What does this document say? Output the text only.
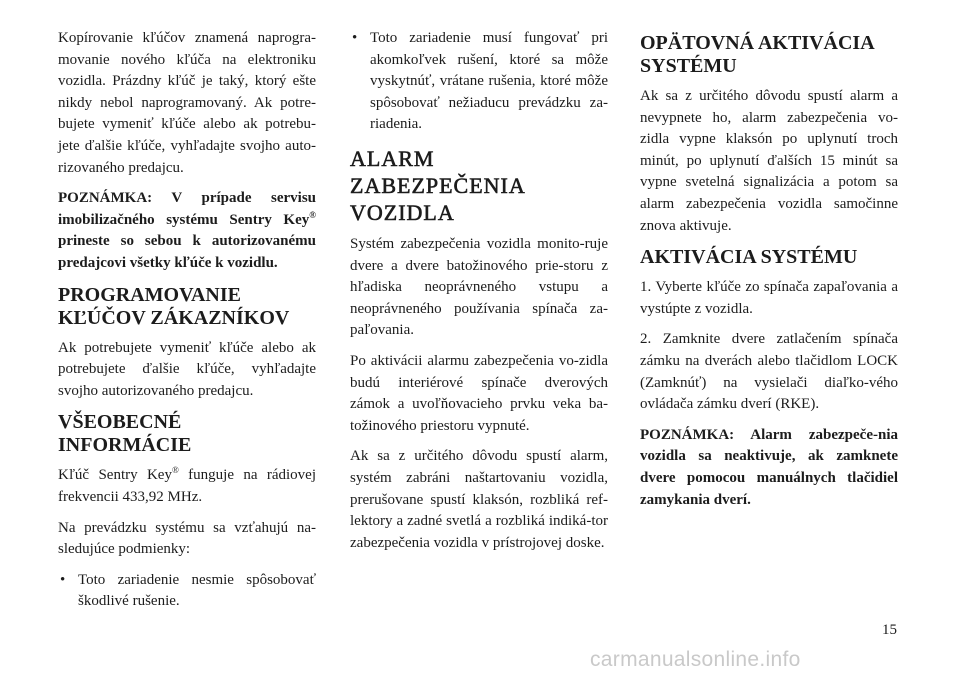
Kopírovanie kľúčov znamená naprogra-movanie nového kľúča na elektroniku vozidla. Prázdny kľúč je taký, ktorý ešte nikdy nebol naprogramovaný. Ak potre-bujete vymeniť kľúče alebo ak potrebu-jete ďalšie kľúče, vyhľadajte svojho auto-rizovaného predajcu.

POZNÁMKA: V prípade servisu imobilizačného systému Sentry Key® prineste so sebou k autorizovanému predajcovi všetky kľúče k vozidlu.

PROGRAMOVANIE KĽÚČOV ZÁKAZNÍKOV

Ak potrebujete vymeniť kľúče alebo ak potrebujete ďalšie kľúče, vyhľadajte svojho autorizovaného predajcu.

VŠEOBECNÉ INFORMÁCIE

Kľúč Sentry Key® funguje na rádiovej frekvencii 433,92 MHz.

Na prevádzku systému sa vzťahujú na-sledujúce podmienky:

• Toto zariadenie nesmie spôsobovať škodlivé rušenie.
• Toto zariadenie musí fungovať pri akomkoľvek rušení, ktoré sa môže vyskytnúť, vrátane rušenia, ktoré môže spôsobovať nežiaducu prevádzku za-riadenia.
ALARM ZABEZPEČENIA VOZIDLA

Systém zabezpečenia vozidla monito-ruje dvere a dvere batožinového prie-storu z hľadiska neoprávneného vstupu a neoprávneného používania spínača za-paľovania.

Po aktivácii alarmu zabezpečenia vo-zidla budú interiérové spínače dverových zámok a uvoľňovacieho prvku veka ba-tožinového priestoru vypnuté.

Ak sa z určitého dôvodu spustí alarm, systém zabráni naštartovaniu vozidla, prerušovane spustí klaksón, rozbliká ref-lektory a zadné svetlá a rozbliká indiká-tor zabezpečenia vozidla v prístrojovej doske.

OPÄTOVNÁ AKTIVÁCIA SYSTÉMU

Ak sa z určitého dôvodu spustí alarm a nevypnete ho, alarm zabezpečenia vo-zidla vypne klaksón po uplynutí troch minút, po uplynutí ďalších 15 minút sa vypne svetelná signalizácia a potom sa alarm zabezpečenia vozidla samočinne znova aktivuje.

AKTIVÁCIA SYSTÉMU

1. Vyberte kľúče zo spínača zapaľovania a vystúpte z vozidla.

2. Zamknite dvere zatlačením spínača zámku na dverách alebo tlačidlom LOCK (Zamknúť) na vysielači diaľko-vého ovládača zámku dverí (RKE).

POZNÁMKA: Alarm zabezpeče-nia vozidla sa neaktivuje, ak zamknete dvere pomocou manuálnych tlačidiel zamykania dverí.

15
carmanualsonline.info
